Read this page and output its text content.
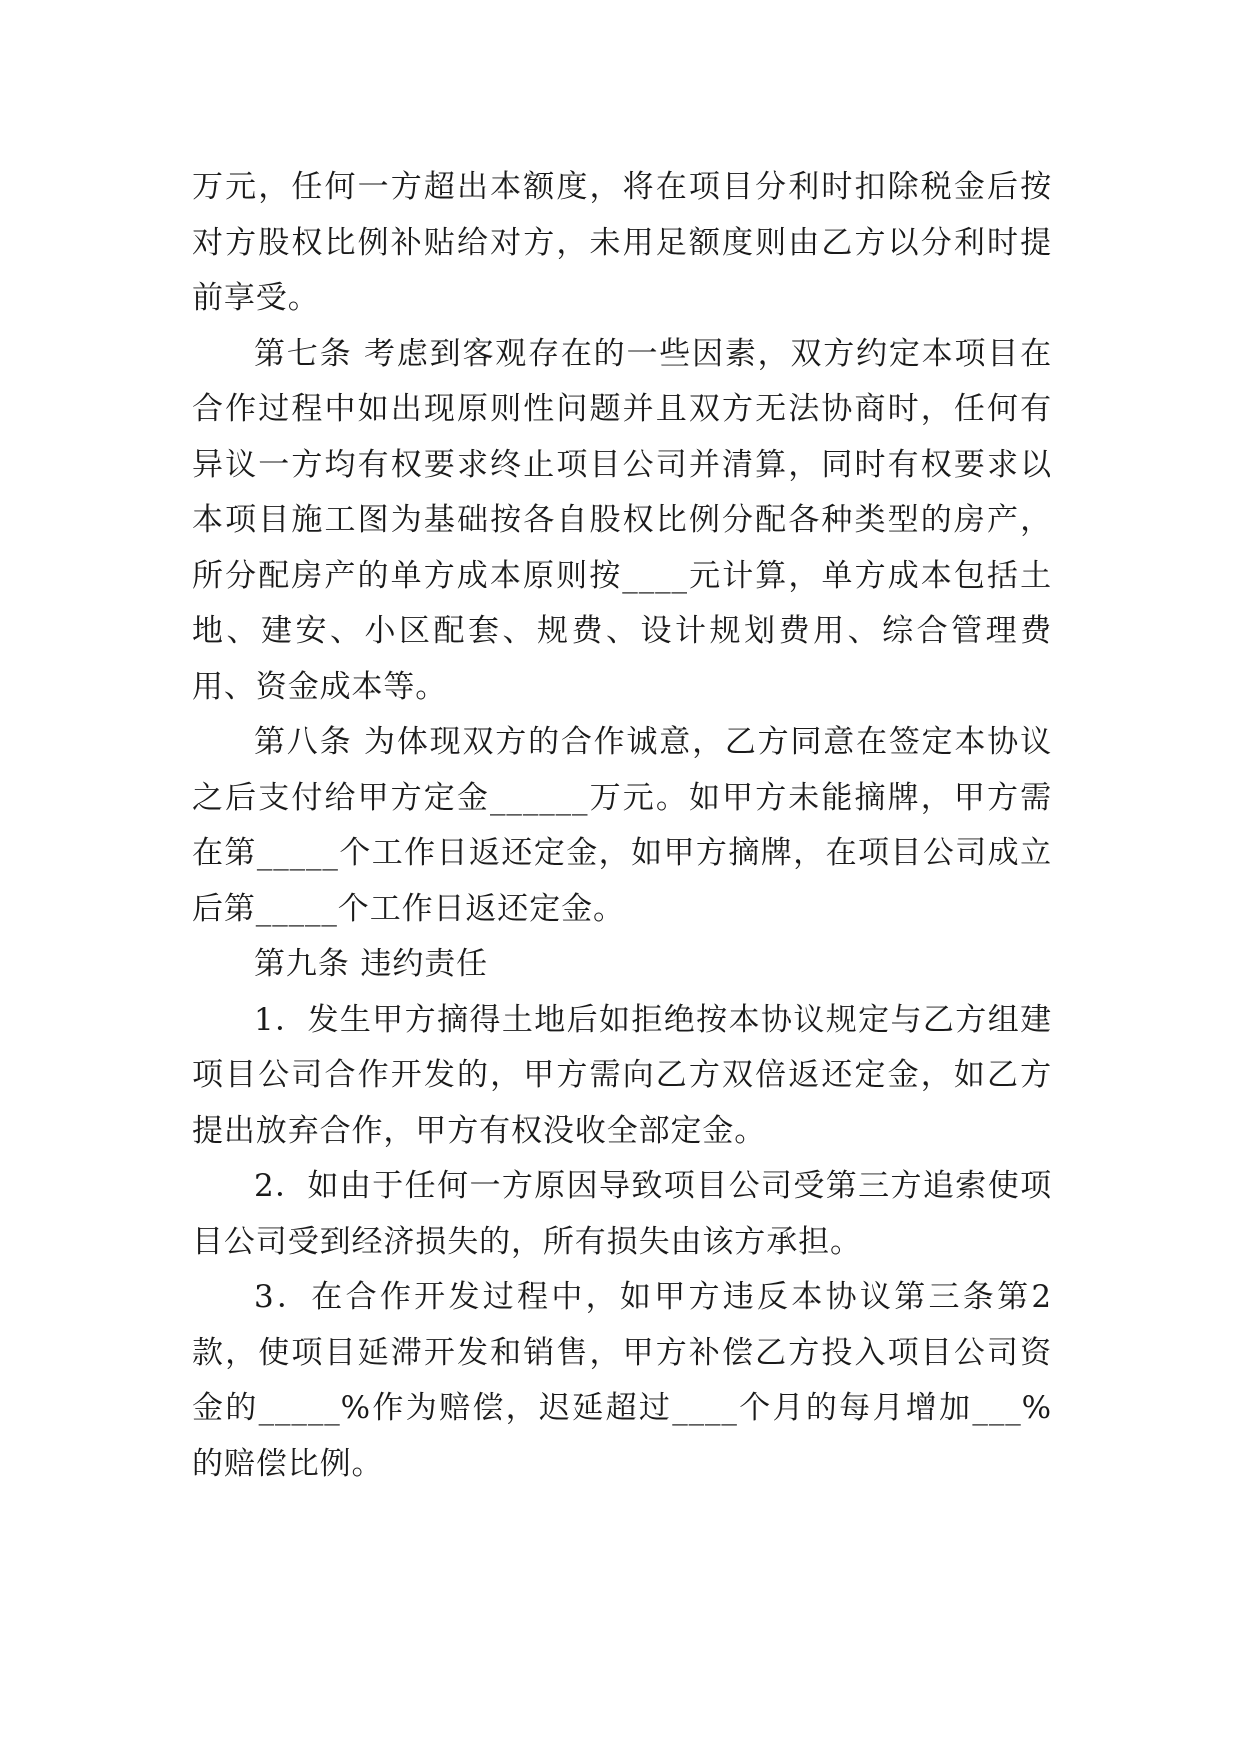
万元，任何一方超出本额度，将在项目分利时扣除税金后按对方股权比例补贴给对方，未用足额度则由乙方以分利时提前享受。

第七条 考虑到客观存在的一些因素，双方约定本项目在合作过程中如出现原则性问题并且双方无法协商时，任何有异议一方均有权要求终止项目公司并清算，同时有权要求以本项目施工图为基础按各自股权比例分配各种类型的房产，所分配房产的单方成本原则按____元计算，单方成本包括土地、建安、小区配套、规费、设计规划费用、综合管理费用、资金成本等。

第八条 为体现双方的合作诚意，乙方同意在签定本协议之后支付给甲方定金______万元。如甲方未能摘牌，甲方需在第_____个工作日返还定金，如甲方摘牌，在项目公司成立后第_____个工作日返还定金。

第九条 违约责任

1．发生甲方摘得土地后如拒绝按本协议规定与乙方组建项目公司合作开发的，甲方需向乙方双倍返还定金，如乙方提出放弃合作，甲方有权没收全部定金。

2．如由于任何一方原因导致项目公司受第三方追索使项目公司受到经济损失的，所有损失由该方承担。

3．在合作开发过程中，如甲方违反本协议第三条第2款，使项目延滞开发和销售，甲方补偿乙方投入项目公司资金的_____%作为赔偿，迟延超过____个月的每月增加___%的赔偿比例。
